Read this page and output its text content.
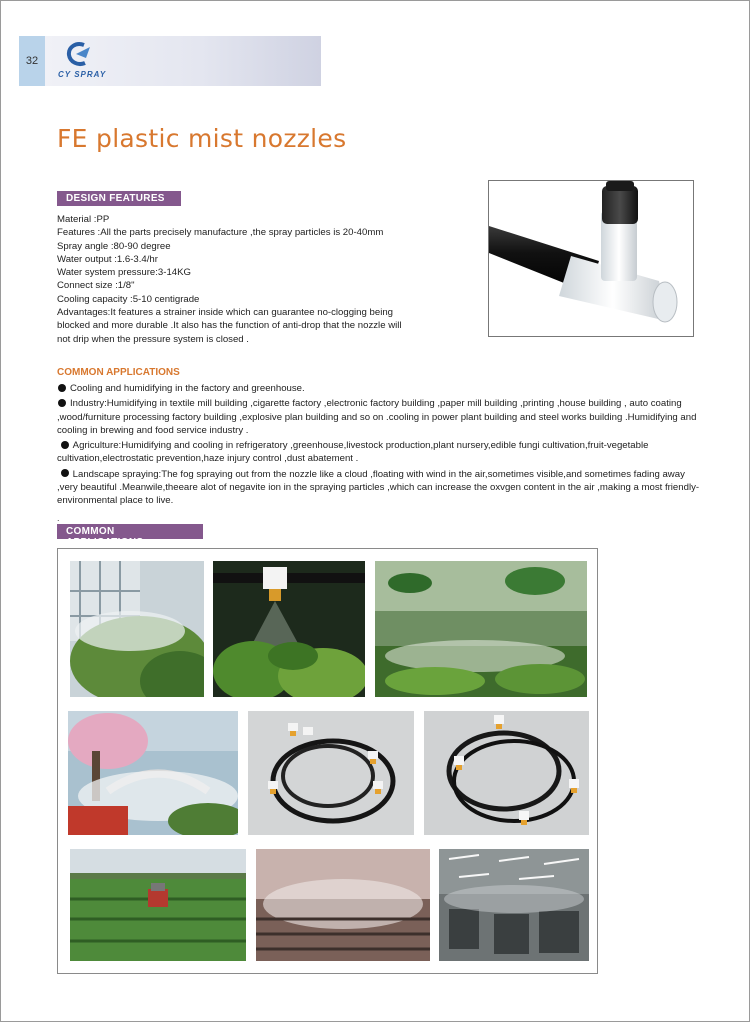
32
CY SPRAY
FE plastic mist nozzles
DESIGN FEATURES
Material :PP
Features :All the parts precisely manufacture ,the spray particles is 20-40mm
Spray angle :80-90 degree
Water output :1.6-3.4/hr
Water system pressure:3-14KG
Connect size :1/8"
Cooling capacity :5-10 centigrade
Advantages:It features a strainer inside which can guarantee no-clogging being
blocked and more durable .It also has the function of anti-drop that the nozzle will
not drip when the pressure system is closed .
COMMON APPLICATIONS

Cooling and humidifying in the factory and greenhouse.

Industry:Humidifying in textile mill building ,cigarette factory ,electronic factory building ,paper mill building ,printing ,house building , auto coating ,wood/furniture processing factory building ,explosive plan building and so on .cooling in power plant building and steel works building .Humidifying and cooling in brewing and food service industry .

Agriculture:Humidifying and cooling in refrigeratory ,greenhouse,livestock production,plant nursery,edible fungi cultivation,fruit-vegetable cultivation,electrostatic prevention,haze injury control ,dust abatement .

Landscape spraying:The fog spraying out from the nozzle like a cloud ,floating with wind in the air,sometimes visible,and sometimes fading away ,very beautiful .Meanwile,theeare alot of negavite ion in the spraying particles ,which can increase the oxvgen content in the air ,making a most friendly-environmental place to live.

.
COMMON APPLICATIONS
